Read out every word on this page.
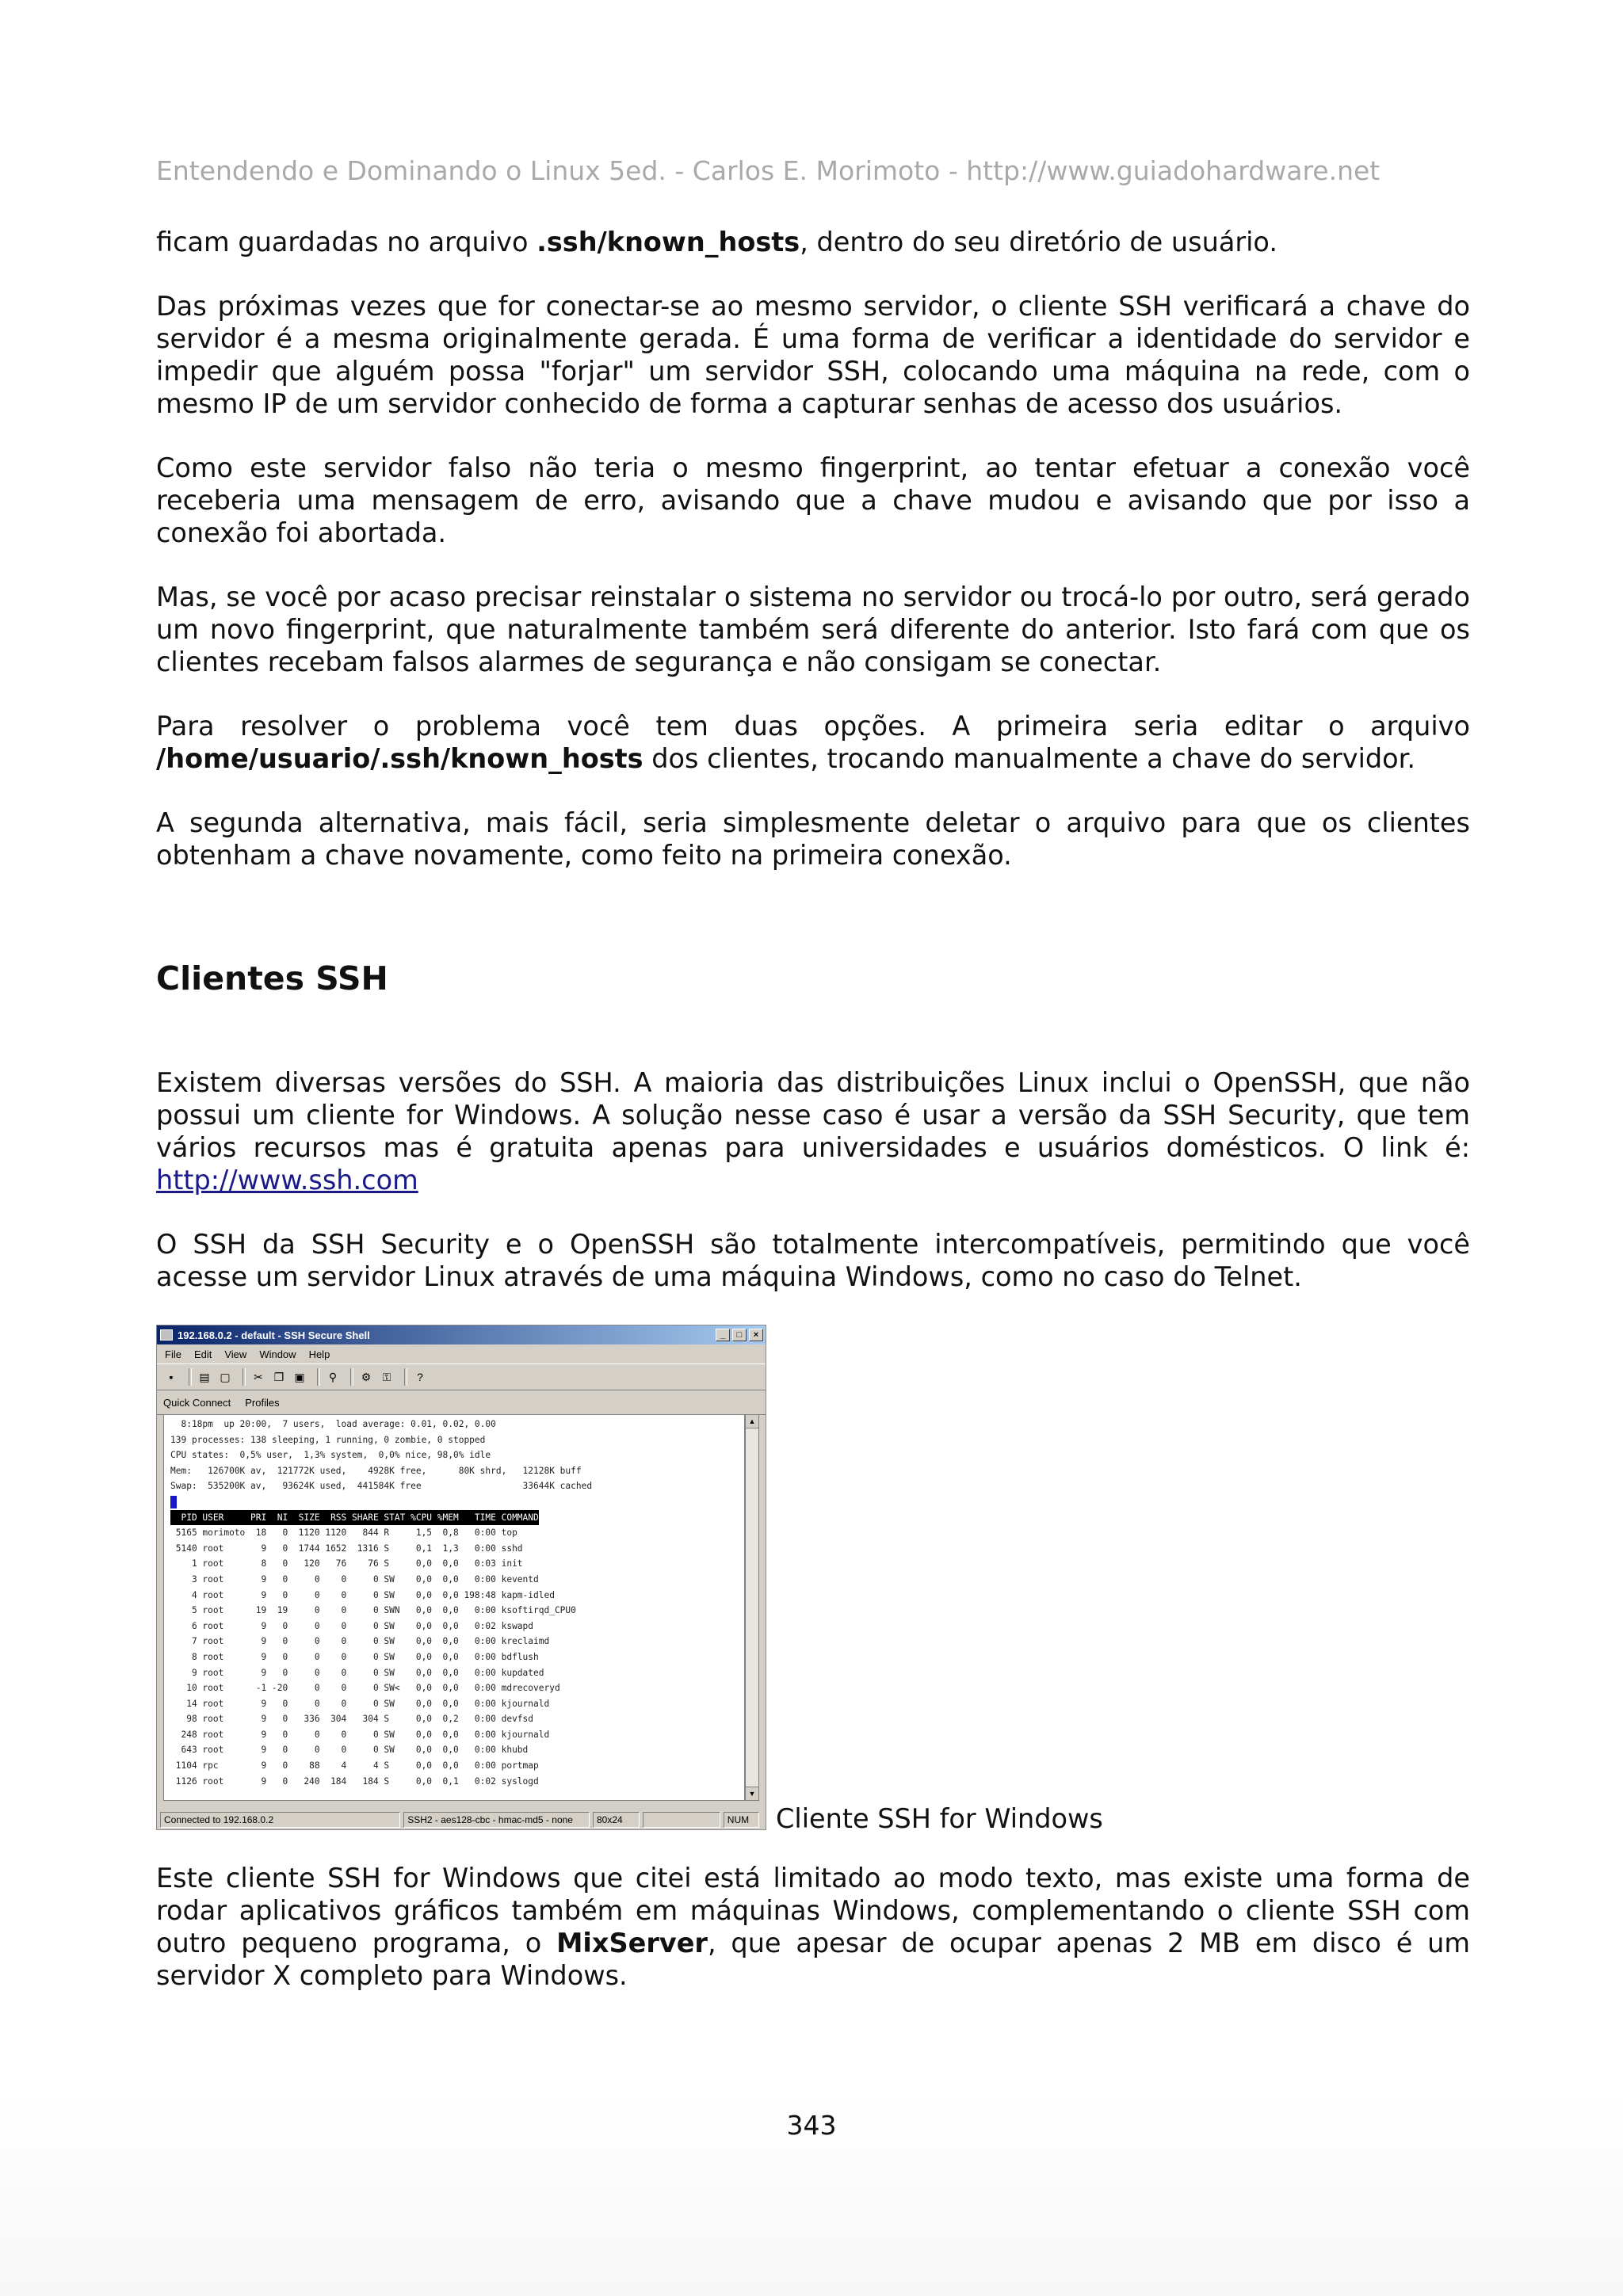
Entendendo e Dominando o Linux 5ed. - Carlos E. Morimoto - http://www.guiadohardware.net

ficam guardadas no arquivo .ssh/known_hosts, dentro do seu diretório de usuário.

Das próximas vezes que for conectar-se ao mesmo servidor, o cliente SSH verificará a chave do servidor é a mesma originalmente gerada. É uma forma de verificar a identidade do servidor e impedir que alguém possa "forjar" um servidor SSH, colocando uma máquina na rede, com o mesmo IP de um servidor conhecido de forma a capturar senhas de acesso dos usuários.

Como este servidor falso não teria o mesmo fingerprint, ao tentar efetuar a conexão você receberia uma mensagem de erro, avisando que a chave mudou e avisando que por isso a conexão foi abortada.

Mas, se você por acaso precisar reinstalar o sistema no servidor ou trocá-lo por outro, será gerado um novo fingerprint, que naturalmente também será diferente do anterior. Isto fará com que os clientes recebam falsos alarmes de segurança e não consigam se conectar.

Para resolver o problema você tem duas opções. A primeira seria editar o arquivo /home/usuario/.ssh/known_hosts dos clientes, trocando manualmente a chave do servidor.

A segunda alternativa, mais fácil, seria simplesmente deletar o arquivo para que os clientes obtenham a chave novamente, como feito na primeira conexão.

Clientes SSH

Existem diversas versões do SSH. A maioria das distribuições Linux inclui o OpenSSH, que não possui um cliente for Windows. A solução nesse caso é usar a versão da SSH Security, que tem vários recursos mas é gratuita apenas para universidades e usuários domésticos. O link é: http://www.ssh.com

O SSH da SSH Security e o OpenSSH são totalmente intercompatíveis, permitindo que você acesse um servidor Linux através de uma máquina Windows, como no caso do Telnet.

192.168.0.2 - default - SSH Secure Shell	_	□	×
File Edit View Window Help
▪	▤ ▢ ✂ ❐ ▣	⚲	⚙	⚿	?
Quick Connect Profiles
8:18pm  up 20:00,  7 users,  load average: 0.01, 0.02, 0.00
139 processes: 138 sleeping, 1 running, 0 zombie, 0 stopped
CPU states:  0,5% user,  1,3% system,  0,0% nice, 98,0% idle
Mem:   126700K av,  121772K used,    4928K free,      80K shrd,   12128K buff
Swap:  535200K av,   93624K used,  441584K free                   33644K cached
PID USER     PRI  NI  SIZE  RSS SHARE STAT %CPU %MEM   TIME COMMAND
5165 morimoto  18   0  1120 1120   844 R     1,5  0,8   0:00 top
5140 root       9   0  1744 1652  1316 S     0,1  1,3   0:00 sshd
1 root       8   0   120   76    76 S     0,0  0,0   0:03 init
3 root       9   0     0    0     0 SW    0,0  0,0   0:00 keventd
4 root       9   0     0    0     0 SW    0,0  0,0 198:48 kapm-idled
5 root      19  19     0    0     0 SWN   0,0  0,0   0:00 ksoftirqd_CPU0
6 root       9   0     0    0     0 SW    0,0  0,0   0:02 kswapd
7 root       9   0     0    0     0 SW    0,0  0,0   0:00 kreclaimd
8 root       9   0     0    0     0 SW    0,0  0,0   0:00 bdflush
9 root       9   0     0    0     0 SW    0,0  0,0   0:00 kupdated
10 root      -1 -20     0    0     0 SW<   0,0  0,0   0:00 mdrecoveryd
14 root       9   0     0    0     0 SW    0,0  0,0   0:00 kjournald
98 root       9   0   336  304   304 S     0,0  0,2   0:00 devfsd
248 root       9   0     0    0     0 SW    0,0  0,0   0:00 kjournald
643 root       9   0     0    0     0 SW    0,0  0,0   0:00 khubd
1104 rpc        9   0    88    4     4 S     0,0  0,0   0:00 portmap
1126 root       9   0   240  184   184 S     0,0  0,1   0:02 syslogd
▲
▼
Connected to 192.168.0.2	SSH2 - aes128-cbc - hmac-md5 - none	80x24	NUM	Cliente SSH for Windows

Este cliente SSH for Windows que citei está limitado ao modo texto, mas existe uma forma de rodar aplicativos gráficos também em máquinas Windows, complementando o cliente SSH com outro pequeno programa, o MixServer, que apesar de ocupar apenas 2 MB em disco é um servidor X completo para Windows.

343
